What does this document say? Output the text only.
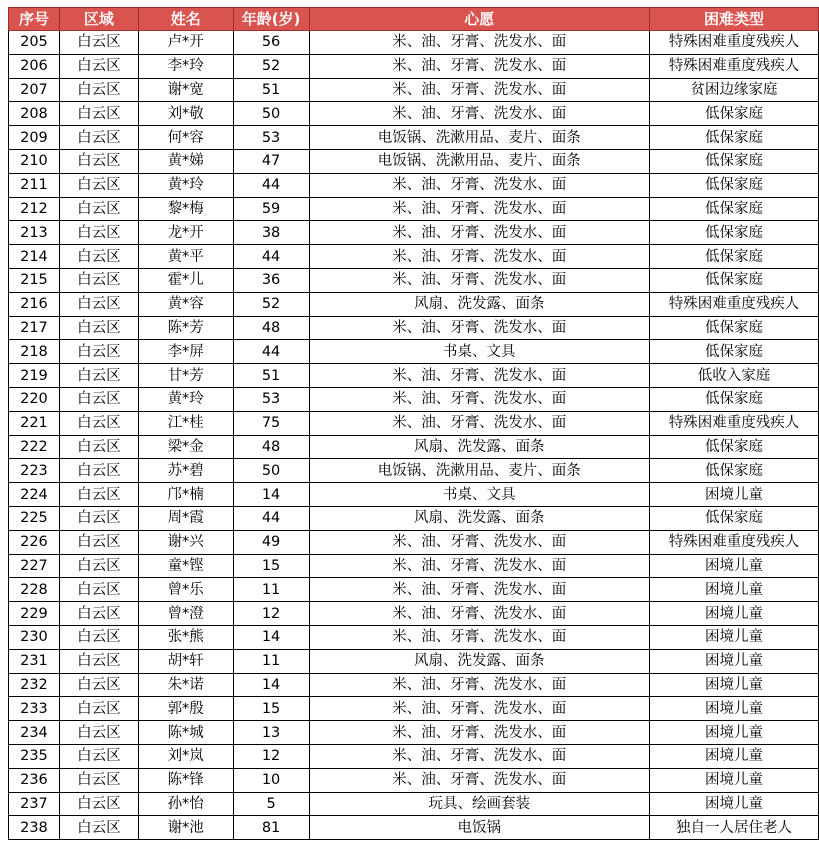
序号	区域	姓名	年龄(岁)	心愿	困难类型
205	白云区	卢*开	56	米、油、牙膏、洗发水、面	特殊困难重度残疾人
206	白云区	李*玲	52	米、油、牙膏、洗发水、面	特殊困难重度残疾人
207	白云区	谢*宽	51	米、油、牙膏、洗发水、面	贫困边缘家庭
208	白云区	刘*敬	50	米、油、牙膏、洗发水、面	低保家庭
209	白云区	何*容	53	电饭锅、洗漱用品、麦片、面条	低保家庭
210	白云区	黄*娣	47	电饭锅、洗漱用品、麦片、面条	低保家庭
211	白云区	黄*玲	44	米、油、牙膏、洗发水、面	低保家庭
212	白云区	黎*梅	59	米、油、牙膏、洗发水、面	低保家庭
213	白云区	龙*开	38	米、油、牙膏、洗发水、面	低保家庭
214	白云区	黄*平	44	米、油、牙膏、洗发水、面	低保家庭
215	白云区	霍*儿	36	米、油、牙膏、洗发水、面	低保家庭
216	白云区	黄*容	52	风扇、洗发露、面条	特殊困难重度残疾人
217	白云区	陈*芳	48	米、油、牙膏、洗发水、面	低保家庭
218	白云区	李*屏	44	书桌、文具	低保家庭
219	白云区	甘*芳	51	米、油、牙膏、洗发水、面	低收入家庭
220	白云区	黄*玲	53	米、油、牙膏、洗发水、面	低保家庭
221	白云区	江*桂	75	米、油、牙膏、洗发水、面	特殊困难重度残疾人
222	白云区	梁*金	48	风扇、洗发露、面条	低保家庭
223	白云区	苏*碧	50	电饭锅、洗漱用品、麦片、面条	低保家庭
224	白云区	邝*楠	14	书桌、文具	困境儿童
225	白云区	周*霞	44	风扇、洗发露、面条	低保家庭
226	白云区	谢*兴	49	米、油、牙膏、洗发水、面	特殊困难重度残疾人
227	白云区	童*铿	15	米、油、牙膏、洗发水、面	困境儿童
228	白云区	曾*乐	11	米、油、牙膏、洗发水、面	困境儿童
229	白云区	曾*澄	12	米、油、牙膏、洗发水、面	困境儿童
230	白云区	张*熊	14	米、油、牙膏、洗发水、面	困境儿童
231	白云区	胡*轩	11	风扇、洗发露、面条	困境儿童
232	白云区	朱*诺	14	米、油、牙膏、洗发水、面	困境儿童
233	白云区	郭*殷	15	米、油、牙膏、洗发水、面	困境儿童
234	白云区	陈*城	13	米、油、牙膏、洗发水、面	困境儿童
235	白云区	刘*岚	12	米、油、牙膏、洗发水、面	困境儿童
236	白云区	陈*锋	10	米、油、牙膏、洗发水、面	困境儿童
237	白云区	孙*怡	5	玩具、绘画套装	困境儿童
238	白云区	谢*池	81	电饭锅	独自一人居住老人
